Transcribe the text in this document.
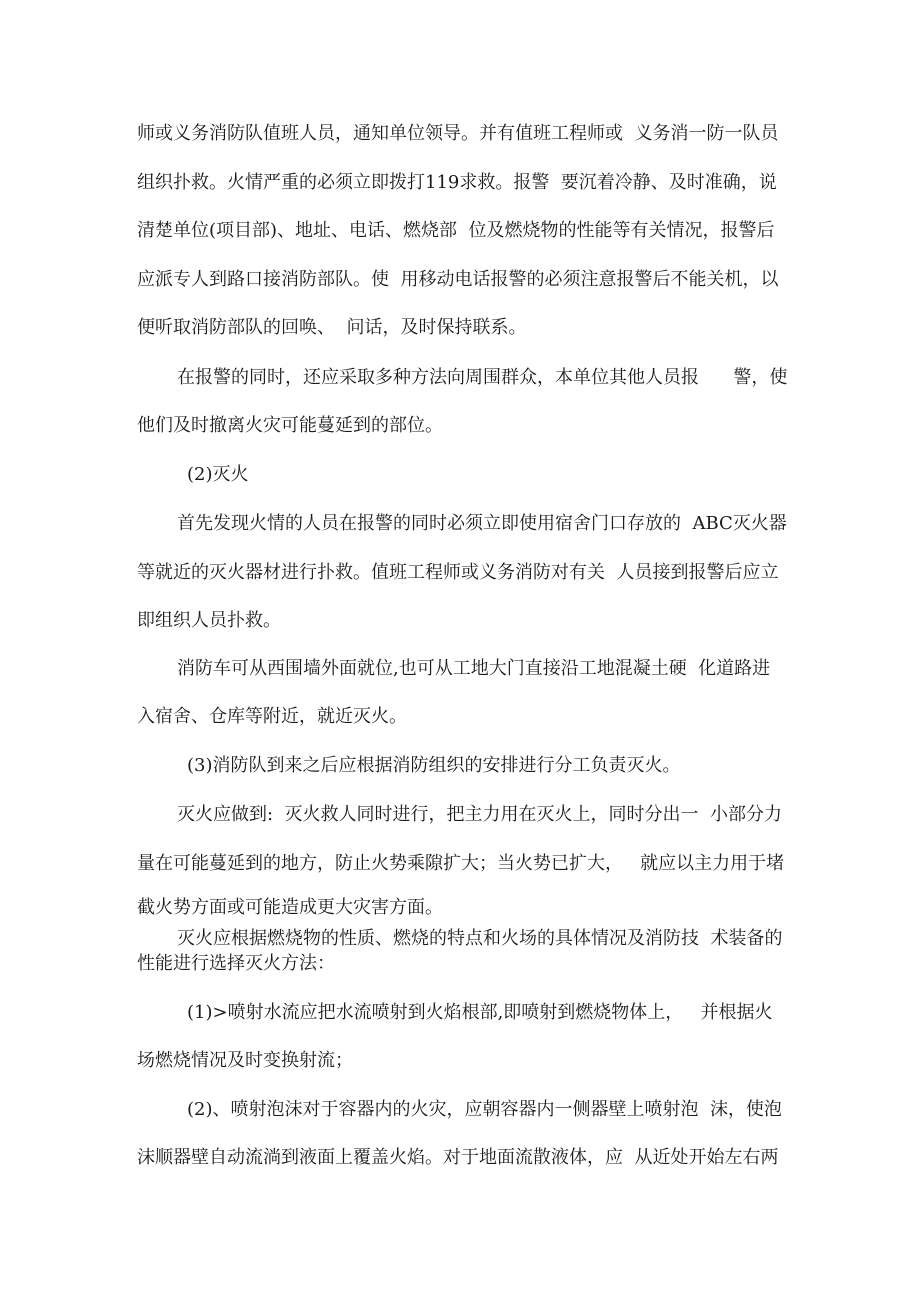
师或义务消防队值班人员，通知单位领导。并有值班工程师或  义务消一防一队员
组织扑救。火情严重的必须立即拨打119求救。报警  要沉着冷静、及时准确，说
清楚单位(项目部)、地址、电话、燃烧部  位及燃烧物的性能等有关情况，报警后
应派专人到路口接消防部队。使  用移动电话报警的必须注意报警后不能关机，以
便听取消防部队的回唤、  问话，及时保持联系。
在报警的同时，还应采取多种方法向周围群众，本单位其他人员报      警，使
他们及时撤离火灾可能蔓延到的部位。
(2)灭火
首先发现火情的人员在报警的同时必须立即使用宿舍门口存放的  ABC灭火器
等就近的灭火器材进行扑救。值班工程师或义务消防对有关  人员接到报警后应立
即组织人员扑救。
消防车可从西围墙外面就位,也可从工地大门直接沿工地混凝土硬  化道路进
入宿舍、仓库等附近，就近灭火。
(3)消防队到来之后应根据消防组织的安排进行分工负责灭火。
灭火应做到:  灭火救人同时进行，把主力用在灭火上，同时分出一  小部分力
量在可能蔓延到的地方，防止火势乘隙扩大；当火势已扩大，   就应以主力用于堵
截火势方面或可能造成更大灾害方面。
灭火应根据燃烧物的性质、燃烧的特点和火场的具体情况及消防技  术装备的
性能进行选择灭火方法：
(1)>喷射水流应把水流喷射到火焰根部,即喷射到燃烧物体上，   并根据火
场燃烧情况及时变换射流；
(2)、喷射泡沫对于容器内的火灾，应朝容器内一侧器壁上喷射泡  沫，使泡
沫顺器壁自动流淌到液面上覆盖火焰。对于地面流散液体，应  从近处开始左右两
